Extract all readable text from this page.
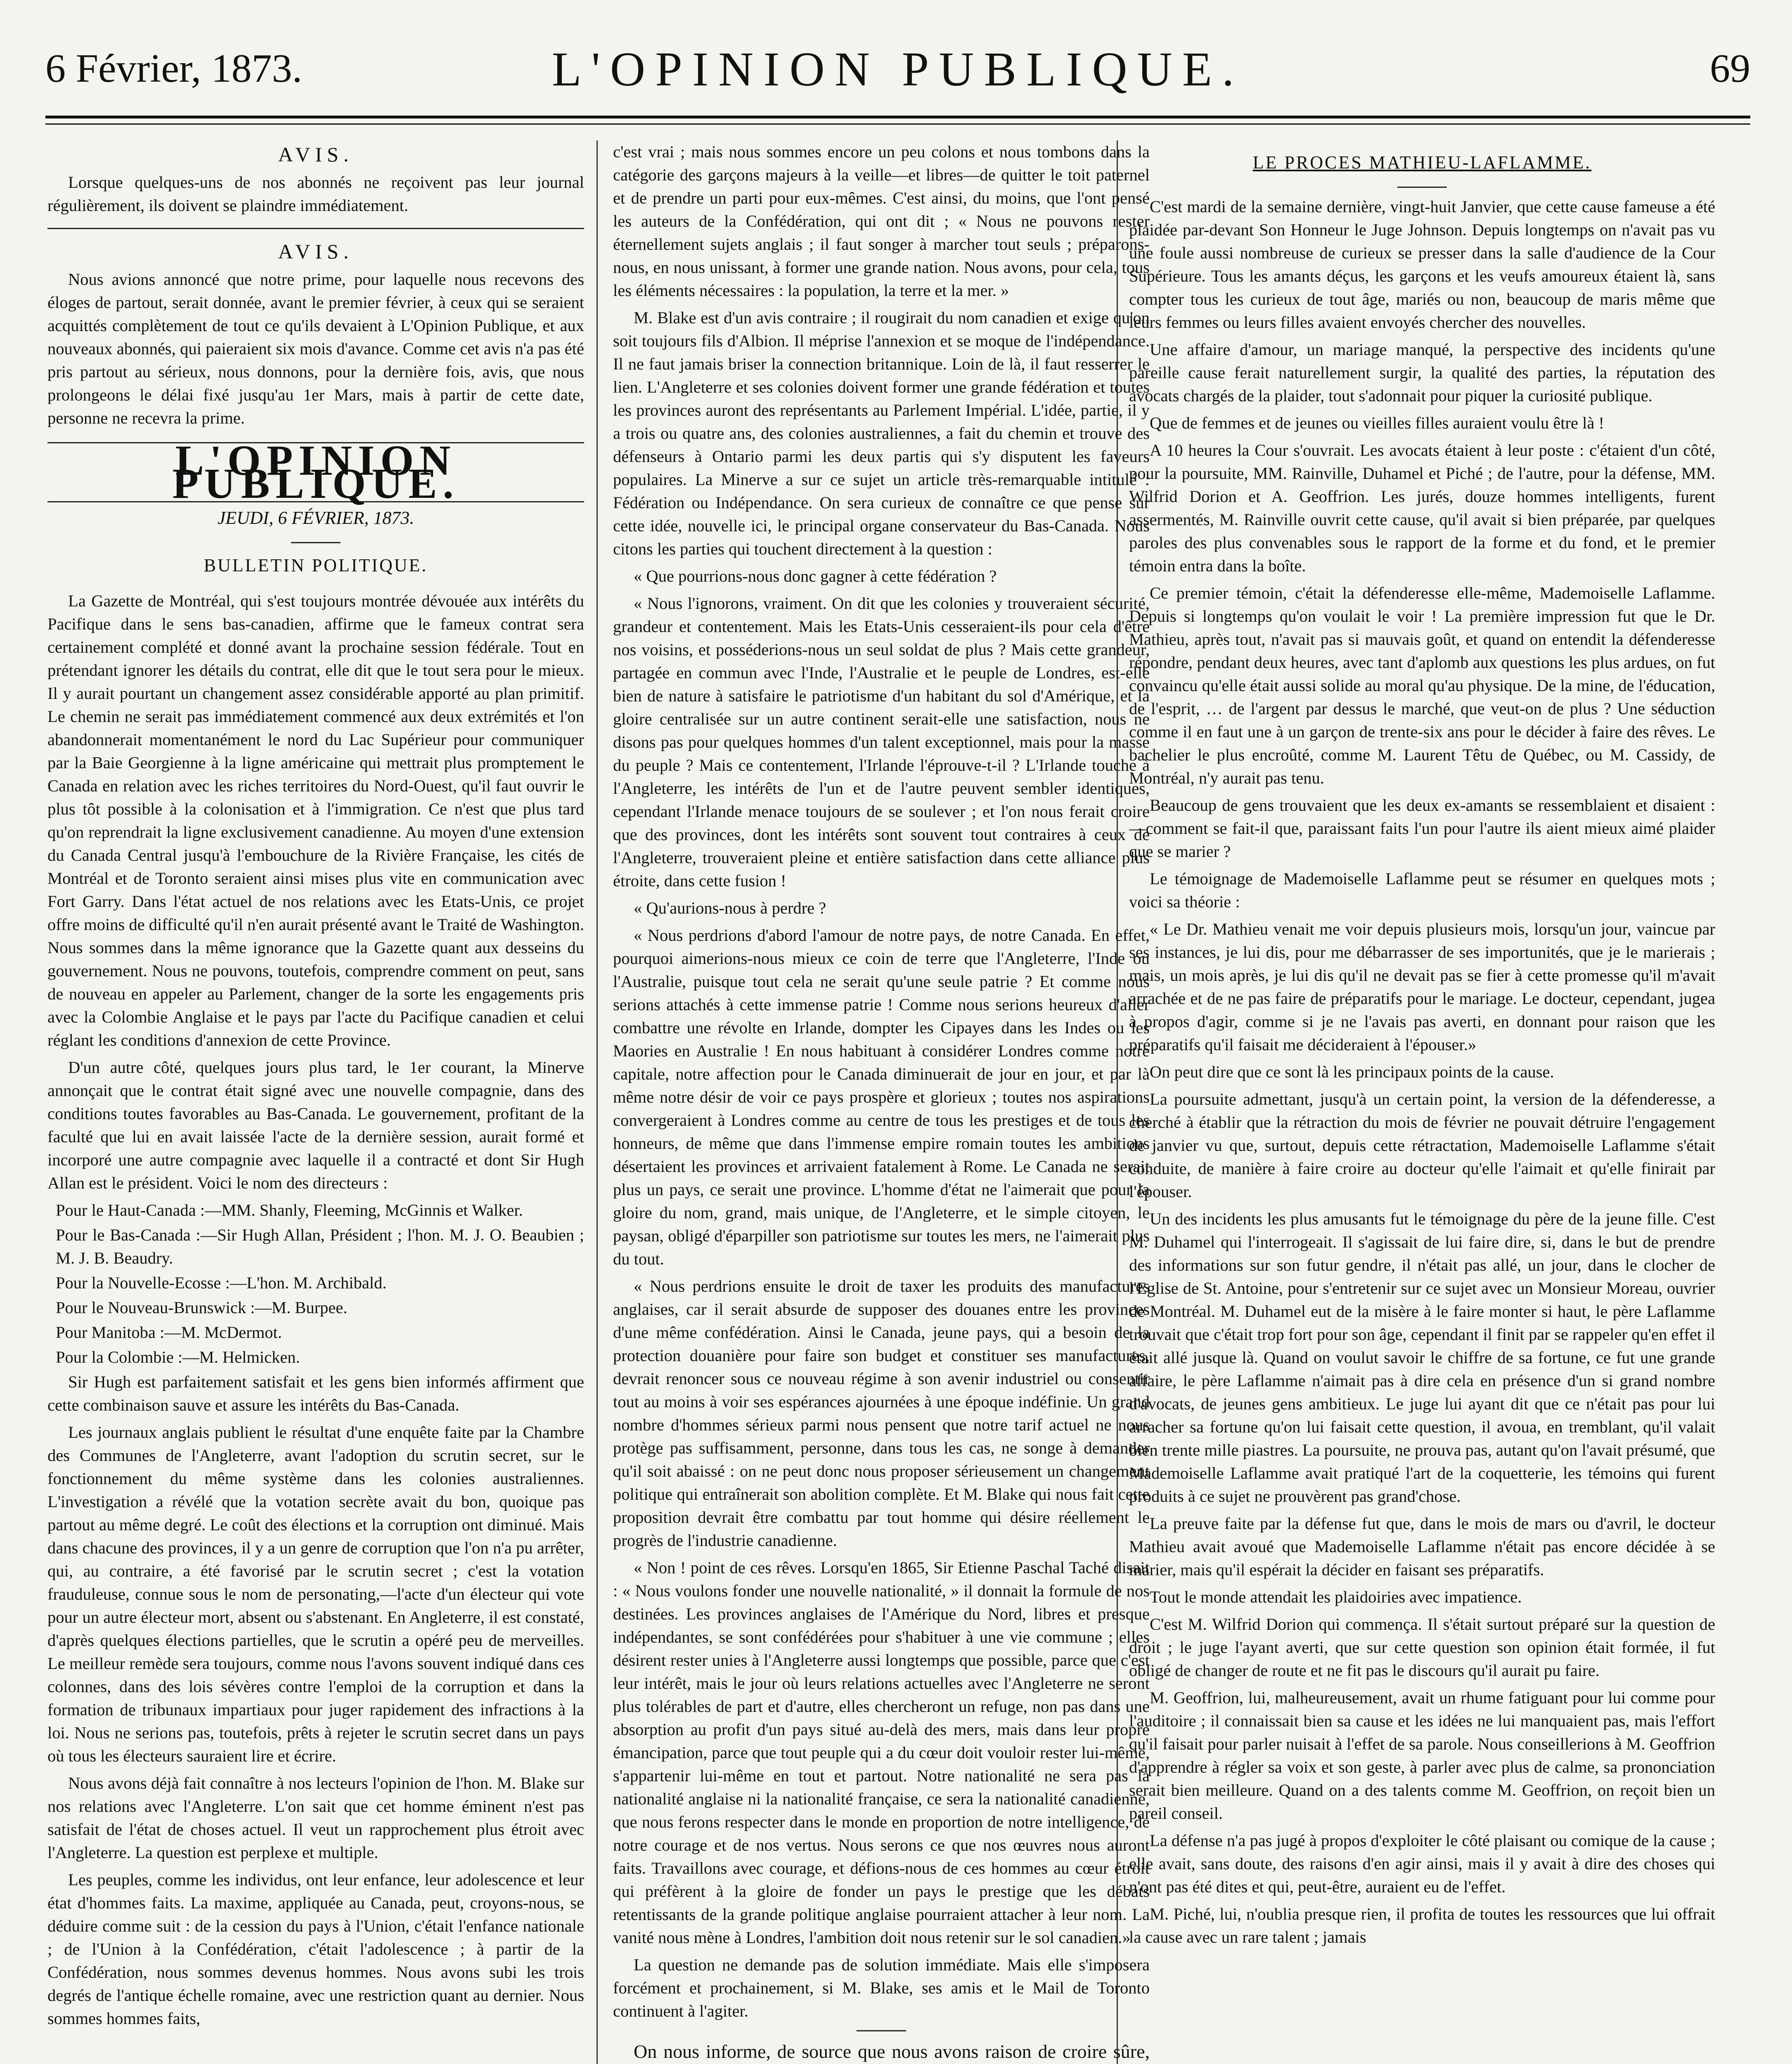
6 Février, 1873.	L'OPINION PUBLIQUE.	69
AVIS.

Lorsque quelques-uns de nos abonnés ne reçoivent pas leur journal régulièrement, ils doivent se plaindre immédiatement.

AVIS.

Nous avions annoncé que notre prime, pour laquelle nous recevons des éloges de partout, serait donnée, avant le premier février, à ceux qui se seraient acquittés complètement de tout ce qu'ils devaient à L'Opinion Publique, et aux nouveaux abonnés, qui paieraient six mois d'avance. Comme cet avis n'a pas été pris partout au sérieux, nous donnons, pour la dernière fois, avis, que nous prolongeons le délai fixé jusqu'au 1er Mars, mais à partir de cette date, personne ne recevra la prime.

L'OPINION PUBLIQUE.
JEUDI, 6 FÉVRIER, 1873.
BULLETIN POLITIQUE.

La Gazette de Montréal, qui s'est toujours montrée dévouée aux intérêts du Pacifique dans le sens bas-canadien, affirme que le fameux contrat sera certainement complété et donné avant la prochaine session fédérale. Tout en prétendant ignorer les détails du contrat, elle dit que le tout sera pour le mieux. Il y aurait pourtant un changement assez considérable apporté au plan primitif. Le chemin ne serait pas immédiatement commencé aux deux extrémités et l'on abandonnerait momentanément le nord du Lac Supérieur pour communiquer par la Baie Georgienne à la ligne américaine qui mettrait plus promptement le Canada en relation avec les riches territoires du Nord-Ouest, qu'il faut ouvrir le plus tôt possible à la colonisation et à l'immigration. Ce n'est que plus tard qu'on reprendrait la ligne exclusivement canadienne. Au moyen d'une extension du Canada Central jusqu'à l'embouchure de la Rivière Française, les cités de Montréal et de Toronto seraient ainsi mises plus vite en communication avec Fort Garry. Dans l'état actuel de nos relations avec les Etats-Unis, ce projet offre moins de difficulté qu'il n'en aurait présenté avant le Traité de Washington. Nous sommes dans la même ignorance que la Gazette quant aux desseins du gouvernement. Nous ne pouvons, toutefois, comprendre comment on peut, sans de nouveau en appeler au Parlement, changer de la sorte les engagements pris avec la Colombie Anglaise et le pays par l'acte du Pacifique canadien et celui réglant les conditions d'annexion de cette Province.

D'un autre côté, quelques jours plus tard, le 1er courant, la Minerve annonçait que le contrat était signé avec une nouvelle compagnie, dans des conditions toutes favorables au Bas-Canada. Le gouvernement, profitant de la faculté que lui en avait laissée l'acte de la dernière session, aurait formé et incorporé une autre compagnie avec laquelle il a contracté et dont Sir Hugh Allan est le président. Voici le nom des directeurs :

Pour le Haut-Canada :—MM. Shanly, Fleeming, McGinnis et Walker.

Pour le Bas-Canada :—Sir Hugh Allan, Président ; l'hon. M. J. O. Beaubien ; M. J. B. Beaudry.

Pour la Nouvelle-Ecosse :—L'hon. M. Archibald.

Pour le Nouveau-Brunswick :—M. Burpee.

Pour Manitoba :—M. McDermot.

Pour la Colombie :—M. Helmicken.

Sir Hugh est parfaitement satisfait et les gens bien informés affirment que cette combinaison sauve et assure les intérêts du Bas-Canada.

Les journaux anglais publient le résultat d'une enquête faite par la Chambre des Communes de l'Angleterre, avant l'adoption du scrutin secret, sur le fonctionnement du même système dans les colonies australiennes. L'investigation a révélé que la votation secrète avait du bon, quoique pas partout au même degré. Le coût des élections et la corruption ont diminué. Mais dans chacune des provinces, il y a un genre de corruption que l'on n'a pu arrêter, qui, au contraire, a été favorisé par le scrutin secret ; c'est la votation frauduleuse, connue sous le nom de personating,—l'acte d'un électeur qui vote pour un autre électeur mort, absent ou s'abstenant. En Angleterre, il est constaté, d'après quelques élections partielles, que le scrutin a opéré peu de merveilles. Le meilleur remède sera toujours, comme nous l'avons souvent indiqué dans ces colonnes, dans des lois sévères contre l'emploi de la corruption et dans la formation de tribunaux impartiaux pour juger rapidement des infractions à la loi. Nous ne serions pas, toutefois, prêts à rejeter le scrutin secret dans un pays où tous les électeurs sauraient lire et écrire.

Nous avons déjà fait connaître à nos lecteurs l'opinion de l'hon. M. Blake sur nos relations avec l'Angleterre. L'on sait que cet homme éminent n'est pas satisfait de l'état de choses actuel. Il veut un rapprochement plus étroit avec l'Angleterre. La question est perplexe et multiple.

Les peuples, comme les individus, ont leur enfance, leur adolescence et leur état d'hommes faits. La maxime, appliquée au Canada, peut, croyons-nous, se déduire comme suit : de la cession du pays à l'Union, c'était l'enfance nationale ; de l'Union à la Confédération, c'était l'adolescence ; à partir de la Confédération, nous sommes devenus hommes. Nous avons subi les trois degrés de l'antique échelle romaine, avec une restriction quant au dernier. Nous sommes hommes faits,

c'est vrai ; mais nous sommes encore un peu colons et nous tombons dans la catégorie des garçons majeurs à la veille—et libres—de quitter le toit paternel et de prendre un parti pour eux-mêmes. C'est ainsi, du moins, que l'ont pensé les auteurs de la Confédération, qui ont dit ; « Nous ne pouvons rester éternellement sujets anglais ; il faut songer à marcher tout seuls ; préparons-nous, en nous unissant, à former une grande nation. Nous avons, pour cela, tous les éléments nécessaires : la population, la terre et la mer. »

M. Blake est d'un avis contraire ; il rougirait du nom canadien et exige qu'on soit toujours fils d'Albion. Il méprise l'annexion et se moque de l'indépendance. Il ne faut jamais briser la connection britannique. Loin de là, il faut resserrer le lien. L'Angleterre et ses colonies doivent former une grande fédération et toutes les provinces auront des représentants au Parlement Impérial. L'idée, partie, il y a trois ou quatre ans, des colonies australiennes, a fait du chemin et trouve des défenseurs à Ontario parmi les deux partis qui s'y disputent les faveurs populaires. La Minerve a sur ce sujet un article très-remarquable intitulé : Fédération ou Indépendance. On sera curieux de connaître ce que pense sur cette idée, nouvelle ici, le principal organe conservateur du Bas-Canada. Nous citons les parties qui touchent directement à la question :

« Que pourrions-nous donc gagner à cette fédération ?

« Nous l'ignorons, vraiment. On dit que les colonies y trouveraient sécurité, grandeur et contentement. Mais les Etats-Unis cesseraient-ils pour cela d'être nos voisins, et posséderions-nous un seul soldat de plus ? Mais cette grandeur, partagée en commun avec l'Inde, l'Australie et le peuple de Londres, est-elle bien de nature à satisfaire le patriotisme d'un habitant du sol d'Amérique, et la gloire centralisée sur un autre continent serait-elle une satisfaction, nous ne disons pas pour quelques hommes d'un talent exceptionnel, mais pour la masse du peuple ? Mais ce contentement, l'Irlande l'éprouve-t-il ? L'Irlande touche à l'Angleterre, les intérêts de l'un et de l'autre peuvent sembler identiques, cependant l'Irlande menace toujours de se soulever ; et l'on nous ferait croire que des provinces, dont les intérêts sont souvent tout contraires à ceux de l'Angleterre, trouveraient pleine et entière satisfaction dans cette alliance plus étroite, dans cette fusion !

« Qu'aurions-nous à perdre ?

« Nous perdrions d'abord l'amour de notre pays, de notre Canada. En effet, pourquoi aimerions-nous mieux ce coin de terre que l'Angleterre, l'Inde ou l'Australie, puisque tout cela ne serait qu'une seule patrie ? Et comme nous serions attachés à cette immense patrie ! Comme nous serions heureux d'aller combattre une révolte en Irlande, dompter les Cipayes dans les Indes ou les Maories en Australie ! En nous habituant à considérer Londres comme notre capitale, notre affection pour le Canada diminuerait de jour en jour, et par là même notre désir de voir ce pays prospère et glorieux ; toutes nos aspirations convergeraient à Londres comme au centre de tous les prestiges et de tous les honneurs, de même que dans l'immense empire romain toutes les ambitions désertaient les provinces et arrivaient fatalement à Rome. Le Canada ne serait plus un pays, ce serait une province. L'homme d'état ne l'aimerait que pour la gloire du nom, grand, mais unique, de l'Angleterre, et le simple citoyen, le paysan, obligé d'éparpiller son patriotisme sur toutes les mers, ne l'aimerait plus du tout.

« Nous perdrions ensuite le droit de taxer les produits des manufactures anglaises, car il serait absurde de supposer des douanes entre les provinces d'une même confédération. Ainsi le Canada, jeune pays, qui a besoin de la protection douanière pour faire son budget et constituer ses manufactures, devrait renoncer sous ce nouveau régime à son avenir industriel ou consentir tout au moins à voir ses espérances ajournées à une époque indéfinie. Un grand nombre d'hommes sérieux parmi nous pensent que notre tarif actuel ne nous protège pas suffisamment, personne, dans tous les cas, ne songe à demander qu'il soit abaissé : on ne peut donc nous proposer sérieusement un changement politique qui entraînerait son abolition complète. Et M. Blake qui nous fait cette proposition devrait être combattu par tout homme qui désire réellement le progrès de l'industrie canadienne.

« Non ! point de ces rêves. Lorsqu'en 1865, Sir Etienne Paschal Taché disait : « Nous voulons fonder une nouvelle nationalité, » il donnait la formule de nos destinées. Les provinces anglaises de l'Amérique du Nord, libres et presque indépendantes, se sont confédérées pour s'habituer à une vie commune ; elles désirent rester unies à l'Angleterre aussi longtemps que possible, parce que c'est leur intérêt, mais le jour où leurs relations actuelles avec l'Angleterre ne seront plus tolérables de part et d'autre, elles chercheront un refuge, non pas dans une absorption au profit d'un pays situé au-delà des mers, mais dans leur propre émancipation, parce que tout peuple qui a du cœur doit vouloir rester lui-même, s'appartenir lui-même en tout et partout. Notre nationalité ne sera pas la nationalité anglaise ni la nationalité française, ce sera la nationalité canadienne, que nous ferons respecter dans le monde en proportion de notre intelligence, de notre courage et de nos vertus. Nous serons ce que nos œuvres nous auront faits. Travaillons avec courage, et défions-nous de ces hommes au cœur étroit qui préfèrent à la gloire de fonder un pays le prestige que les débats retentissants de la grande politique anglaise pourraient attacher à leur nom. La vanité nous mène à Londres, l'ambition doit nous retenir sur le sol canadien.»

La question ne demande pas de solution immédiate. Mais elle s'imposera forcément et prochainement, si M. Blake, ses amis et le Mail de Toronto continuent à l'agiter.

On nous informe, de source que nous avons raison de croire sûre,

LE PROCES MATHIEU-LAFLAMME.

C'est mardi de la semaine dernière, vingt-huit Janvier, que cette cause fameuse a été plaidée par-devant Son Honneur le Juge Johnson. Depuis longtemps on n'avait pas vu une foule aussi nombreuse de curieux se presser dans la salle d'audience de la Cour Supérieure. Tous les amants déçus, les garçons et les veufs amoureux étaient là, sans compter tous les curieux de tout âge, mariés ou non, beaucoup de maris même que leurs femmes ou leurs filles avaient envoyés chercher des nouvelles.

Une affaire d'amour, un mariage manqué, la perspective des incidents qu'une pareille cause ferait naturellement surgir, la qualité des parties, la réputation des avocats chargés de la plaider, tout s'adonnait pour piquer la curiosité publique.

Que de femmes et de jeunes ou vieilles filles auraient voulu être là !

A 10 heures la Cour s'ouvrait. Les avocats étaient à leur poste : c'étaient d'un côté, pour la poursuite, MM. Rainville, Duhamel et Piché ; de l'autre, pour la défense, MM. Wilfrid Dorion et A. Geoffrion. Les jurés, douze hommes intelligents, furent assermentés, M. Rainville ouvrit cette cause, qu'il avait si bien préparée, par quelques paroles des plus convenables sous le rapport de la forme et du fond, et le premier témoin entra dans la boîte.

Ce premier témoin, c'était la défenderesse elle-même, Mademoiselle Laflamme. Depuis si longtemps qu'on voulait le voir ! La première impression fut que le Dr. Mathieu, après tout, n'avait pas si mauvais goût, et quand on entendit la défenderesse répondre, pendant deux heures, avec tant d'aplomb aux questions les plus ardues, on fut convaincu qu'elle était aussi solide au moral qu'au physique. De la mine, de l'éducation, de l'esprit, … de l'argent par dessus le marché, que veut-on de plus ? Une séduction comme il en faut une à un garçon de trente-six ans pour le décider à faire des rêves. Le bachelier le plus encroûté, comme M. Laurent Têtu de Québec, ou M. Cassidy, de Montréal, n'y aurait pas tenu.

Beaucoup de gens trouvaient que les deux ex-amants se ressemblaient et disaient :—comment se fait-il que, paraissant faits l'un pour l'autre ils aient mieux aimé plaider que se marier ?

Le témoignage de Mademoiselle Laflamme peut se résumer en quelques mots ; voici sa théorie :

« Le Dr. Mathieu venait me voir depuis plusieurs mois, lorsqu'un jour, vaincue par ses instances, je lui dis, pour me débarrasser de ses importunités, que je le marierais ; mais, un mois après, je lui dis qu'il ne devait pas se fier à cette promesse qu'il m'avait arrachée et de ne pas faire de préparatifs pour le mariage. Le docteur, cependant, jugea à propos d'agir, comme si je ne l'avais pas averti, en donnant pour raison que les préparatifs qu'il faisait me décideraient à l'épouser.»

On peut dire que ce sont là les principaux points de la cause.

La poursuite admettant, jusqu'à un certain point, la version de la défenderesse, a cherché à établir que la rétraction du mois de février ne pouvait détruire l'engagement de janvier vu que, surtout, depuis cette rétractation, Mademoiselle Laflamme s'était conduite, de manière à faire croire au docteur qu'elle l'aimait et qu'elle finirait par l'épouser.

Un des incidents les plus amusants fut le témoignage du père de la jeune fille. C'est M. Duhamel qui l'interrogeait. Il s'agissait de lui faire dire, si, dans le but de prendre des informations sur son futur gendre, il n'était pas allé, un jour, dans le clocher de l'Eglise de St. Antoine, pour s'entretenir sur ce sujet avec un Monsieur Moreau, ouvrier de Montréal. M. Duhamel eut de la misère à le faire monter si haut, le père Laflamme trouvait que c'était trop fort pour son âge, cependant il finit par se rappeler qu'en effet il était allé jusque là. Quand on voulut savoir le chiffre de sa fortune, ce fut une grande affaire, le père Laflamme n'aimait pas à dire cela en présence d'un si grand nombre d'avocats, de jeunes gens ambitieux. Le juge lui ayant dit que ce n'était pas pour lui arracher sa fortune qu'on lui faisait cette question, il avoua, en tremblant, qu'il valait bien trente mille piastres. La poursuite, ne prouva pas, autant qu'on l'avait présumé, que Mademoiselle Laflamme avait pratiqué l'art de la coquetterie, les témoins qui furent produits à ce sujet ne prouvèrent pas grand'chose.

La preuve faite par la défense fut que, dans le mois de mars ou d'avril, le docteur Mathieu avait avoué que Mademoiselle Laflamme n'était pas encore décidée à se marier, mais qu'il espérait la décider en faisant ses préparatifs.

Tout le monde attendait les plaidoiries avec impatience.

C'est M. Wilfrid Dorion qui commença. Il s'était surtout préparé sur la question de droit ; le juge l'ayant averti, que sur cette question son opinion était formée, il fut obligé de changer de route et ne fit pas le discours qu'il aurait pu faire.

M. Geoffrion, lui, malheureusement, avait un rhume fatiguant pour lui comme pour l'auditoire ; il connaissait bien sa cause et les idées ne lui manquaient pas, mais l'effort qu'il faisait pour parler nuisait à l'effet de sa parole. Nous conseillerions à M. Geoffrion d'apprendre à régler sa voix et son geste, à parler avec plus de calme, sa prononciation serait bien meilleure. Quand on a des talents comme M. Geoffrion, on reçoit bien un pareil conseil.

La défense n'a pas jugé à propos d'exploiter le côté plaisant ou comique de la cause ; elle avait, sans doute, des raisons d'en agir ainsi, mais il y avait à dire des choses qui n'ont pas été dites et qui, peut-être, auraient eu de l'effet.

M. Piché, lui, n'oublia presque rien, il profita de toutes les ressources que lui offrait la cause avec un rare talent ; jamais
